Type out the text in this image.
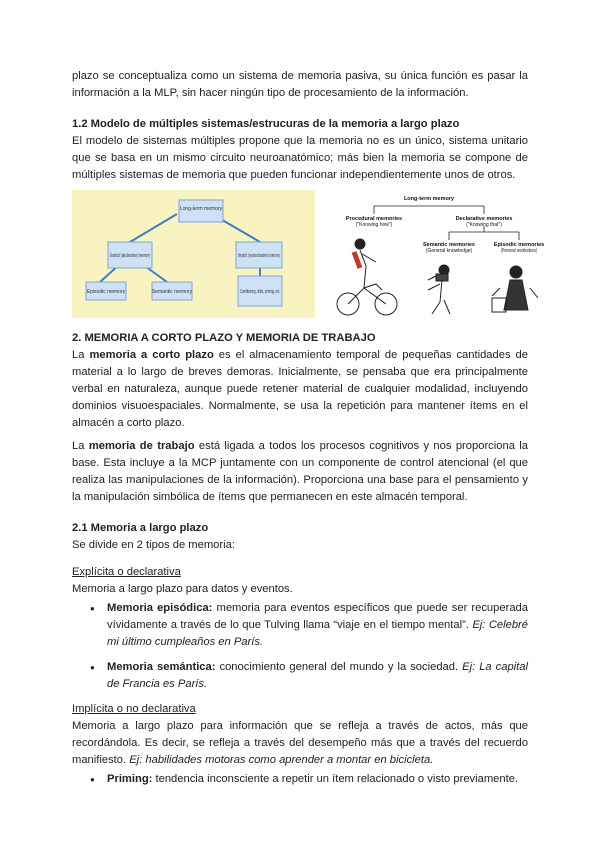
plazo se conceptualiza como un sistema de memoria pasiva, su única función es pasar la información a la MLP, sin hacer ningún tipo de procesamiento de la información.

1.2 Modelo de múltiples sistemas/estrucuras de la memoria a largo plazo

El modelo de sistemas múltiples propone que la memoria no es un único, sistema unitario que se basa en un mismo circuito neuroanatómico; más bien la memoria se compone de múltiples sistemas de memoria que pueden funcionar independientemente unos de otros.

Long-term memory
Explicit (declarative) memory	Implicit (nondeclarative) memory
Episodic memory	Semantic memory	Conditioning, skills, priming, etc.
Long-term memory
Procedural memories	Declarative memories
Semantic memories	Episodic memories
("Knowing how")	("Knowing that")
(General knowledge)	(Personal recollections)
2. MEMORIA A CORTO PLAZO Y MEMORIA DE TRABAJO

La memoria a corto plazo es el almacenamiento temporal de pequeñas cantidades de material a lo largo de breves demoras. Inicialmente, se pensaba que era principalmente verbal en naturaleza, aunque puede retener material de cualquier modalidad, incluyendo dominios visuoespaciales. Normalmente, se usa la repetición para mantener ítems en el almacén a corto plazo.

La memoria de trabajo está ligada a todos los procesos cognitivos y nos proporciona la base. Esta incluye a la MCP juntamente con un componente de control atencional (el que realiza las manipulaciones de la información). Proporciona una base para el pensamiento y la manipulación simbólica de ítems que permanecen en este almacén temporal.

2.1 Memoria a largo plazo

Se divide en 2 tipos de memoria:

Explícita o declarativa

Memoria a largo plazo para datos y eventos.

● Memoria episódica: memoria para eventos específicos que puede ser recuperada vívidamente a través de lo que Tulving llama “viaje en el tiempo mental”. Ej: Celebré mi último cumpleaños en París.
● Memoria semántica: conocimiento general del mundo y la sociedad. Ej: La capital de Francia es París.

Implícita o no declarativa

Memoria a largo plazo para información que se refleja a través de actos, más que recordándola. Es decir, se refleja a través del desempeño más que a través del recuerdo manifiesto. Ej: habilidades motoras como aprender a montar en bicicleta.

● Priming: tendencia inconsciente a repetir un ítem relacionado o visto previamente.
